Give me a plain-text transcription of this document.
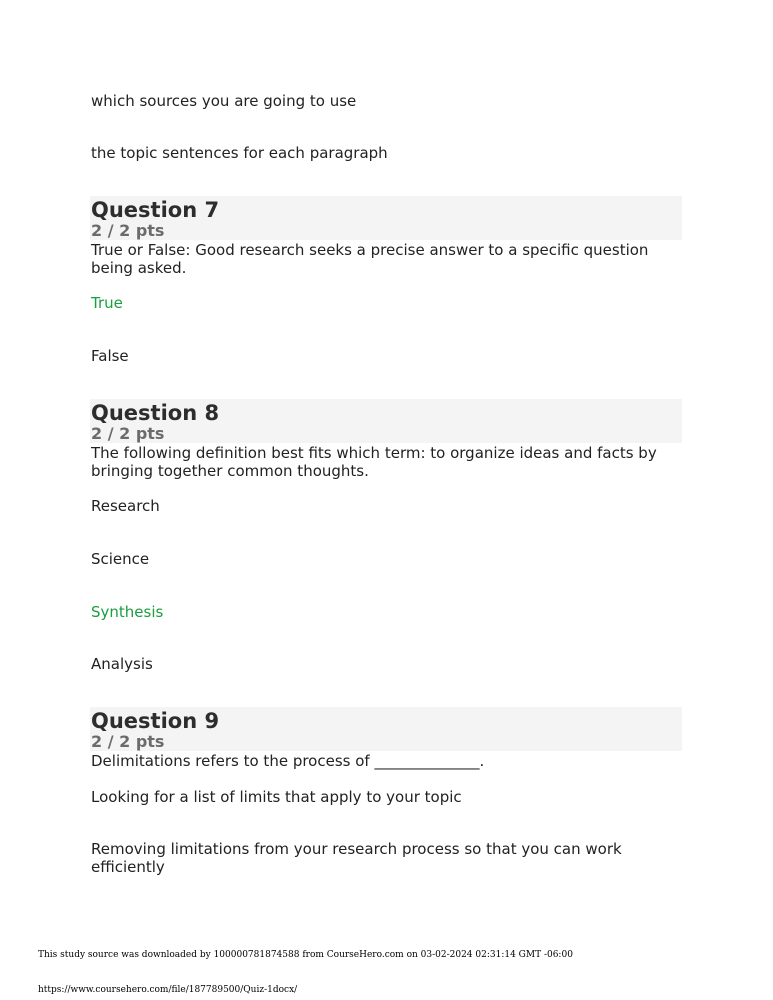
which sources you are going to use
the topic sentences for each paragraph
Question 7
2 / 2 pts
True or False: Good research seeks a precise answer to a specific question being asked.
True
False
Question 8
2 / 2 pts
The following definition best fits which term: to organize ideas and facts by bringing together common thoughts.
Research
Science
Synthesis
Analysis
Question 9
2 / 2 pts
Delimitations refers to the process of ______________.
Looking for a list of limits that apply to your topic
Removing limitations from your research process so that you can work efficiently
This study source was downloaded by 100000781874588 from CourseHero.com on 03-02-2024 02:31:14 GMT -06:00
https://www.coursehero.com/file/187789500/Quiz-1docx/
